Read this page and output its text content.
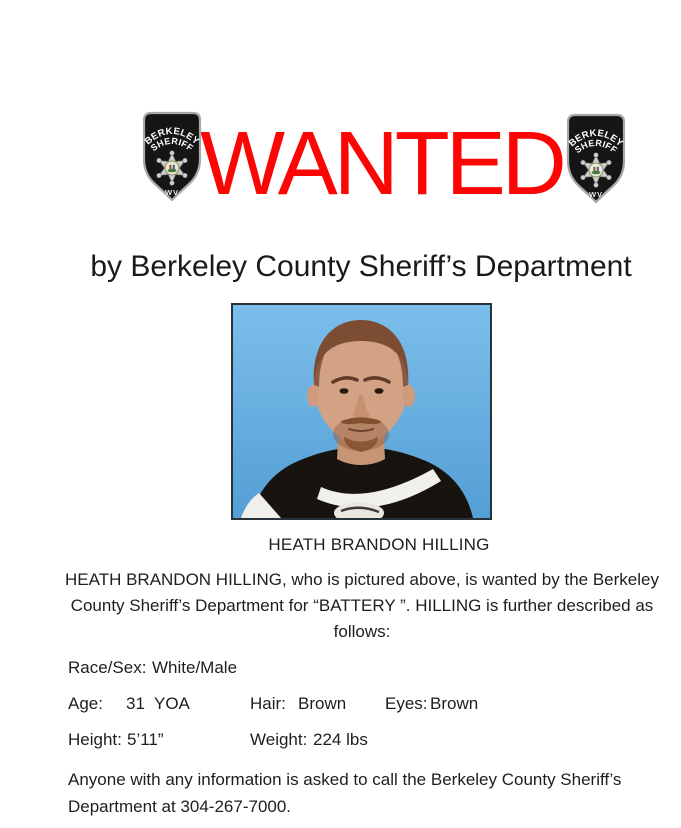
BERKELEY
SHERIFF
WV WANTED BERKELEY
SHERIFF
WV
by Berkeley County Sheriff’s Department
HEATH BRANDON HILLING
HEATH BRANDON HILLING, who is pictured above, is wanted by the Berkeley
County Sheriff’s Department for “BATTERY ”. HILLING is further described as
follows:
Race/Sex: White/Male
Age: 31 YOA	Hair: Brown Eyes: Brown
Height: 5’11”	Weight: 224 lbs
Anyone with any information is asked to call the Berkeley County Sheriff’s
Department at 304-267-7000.
